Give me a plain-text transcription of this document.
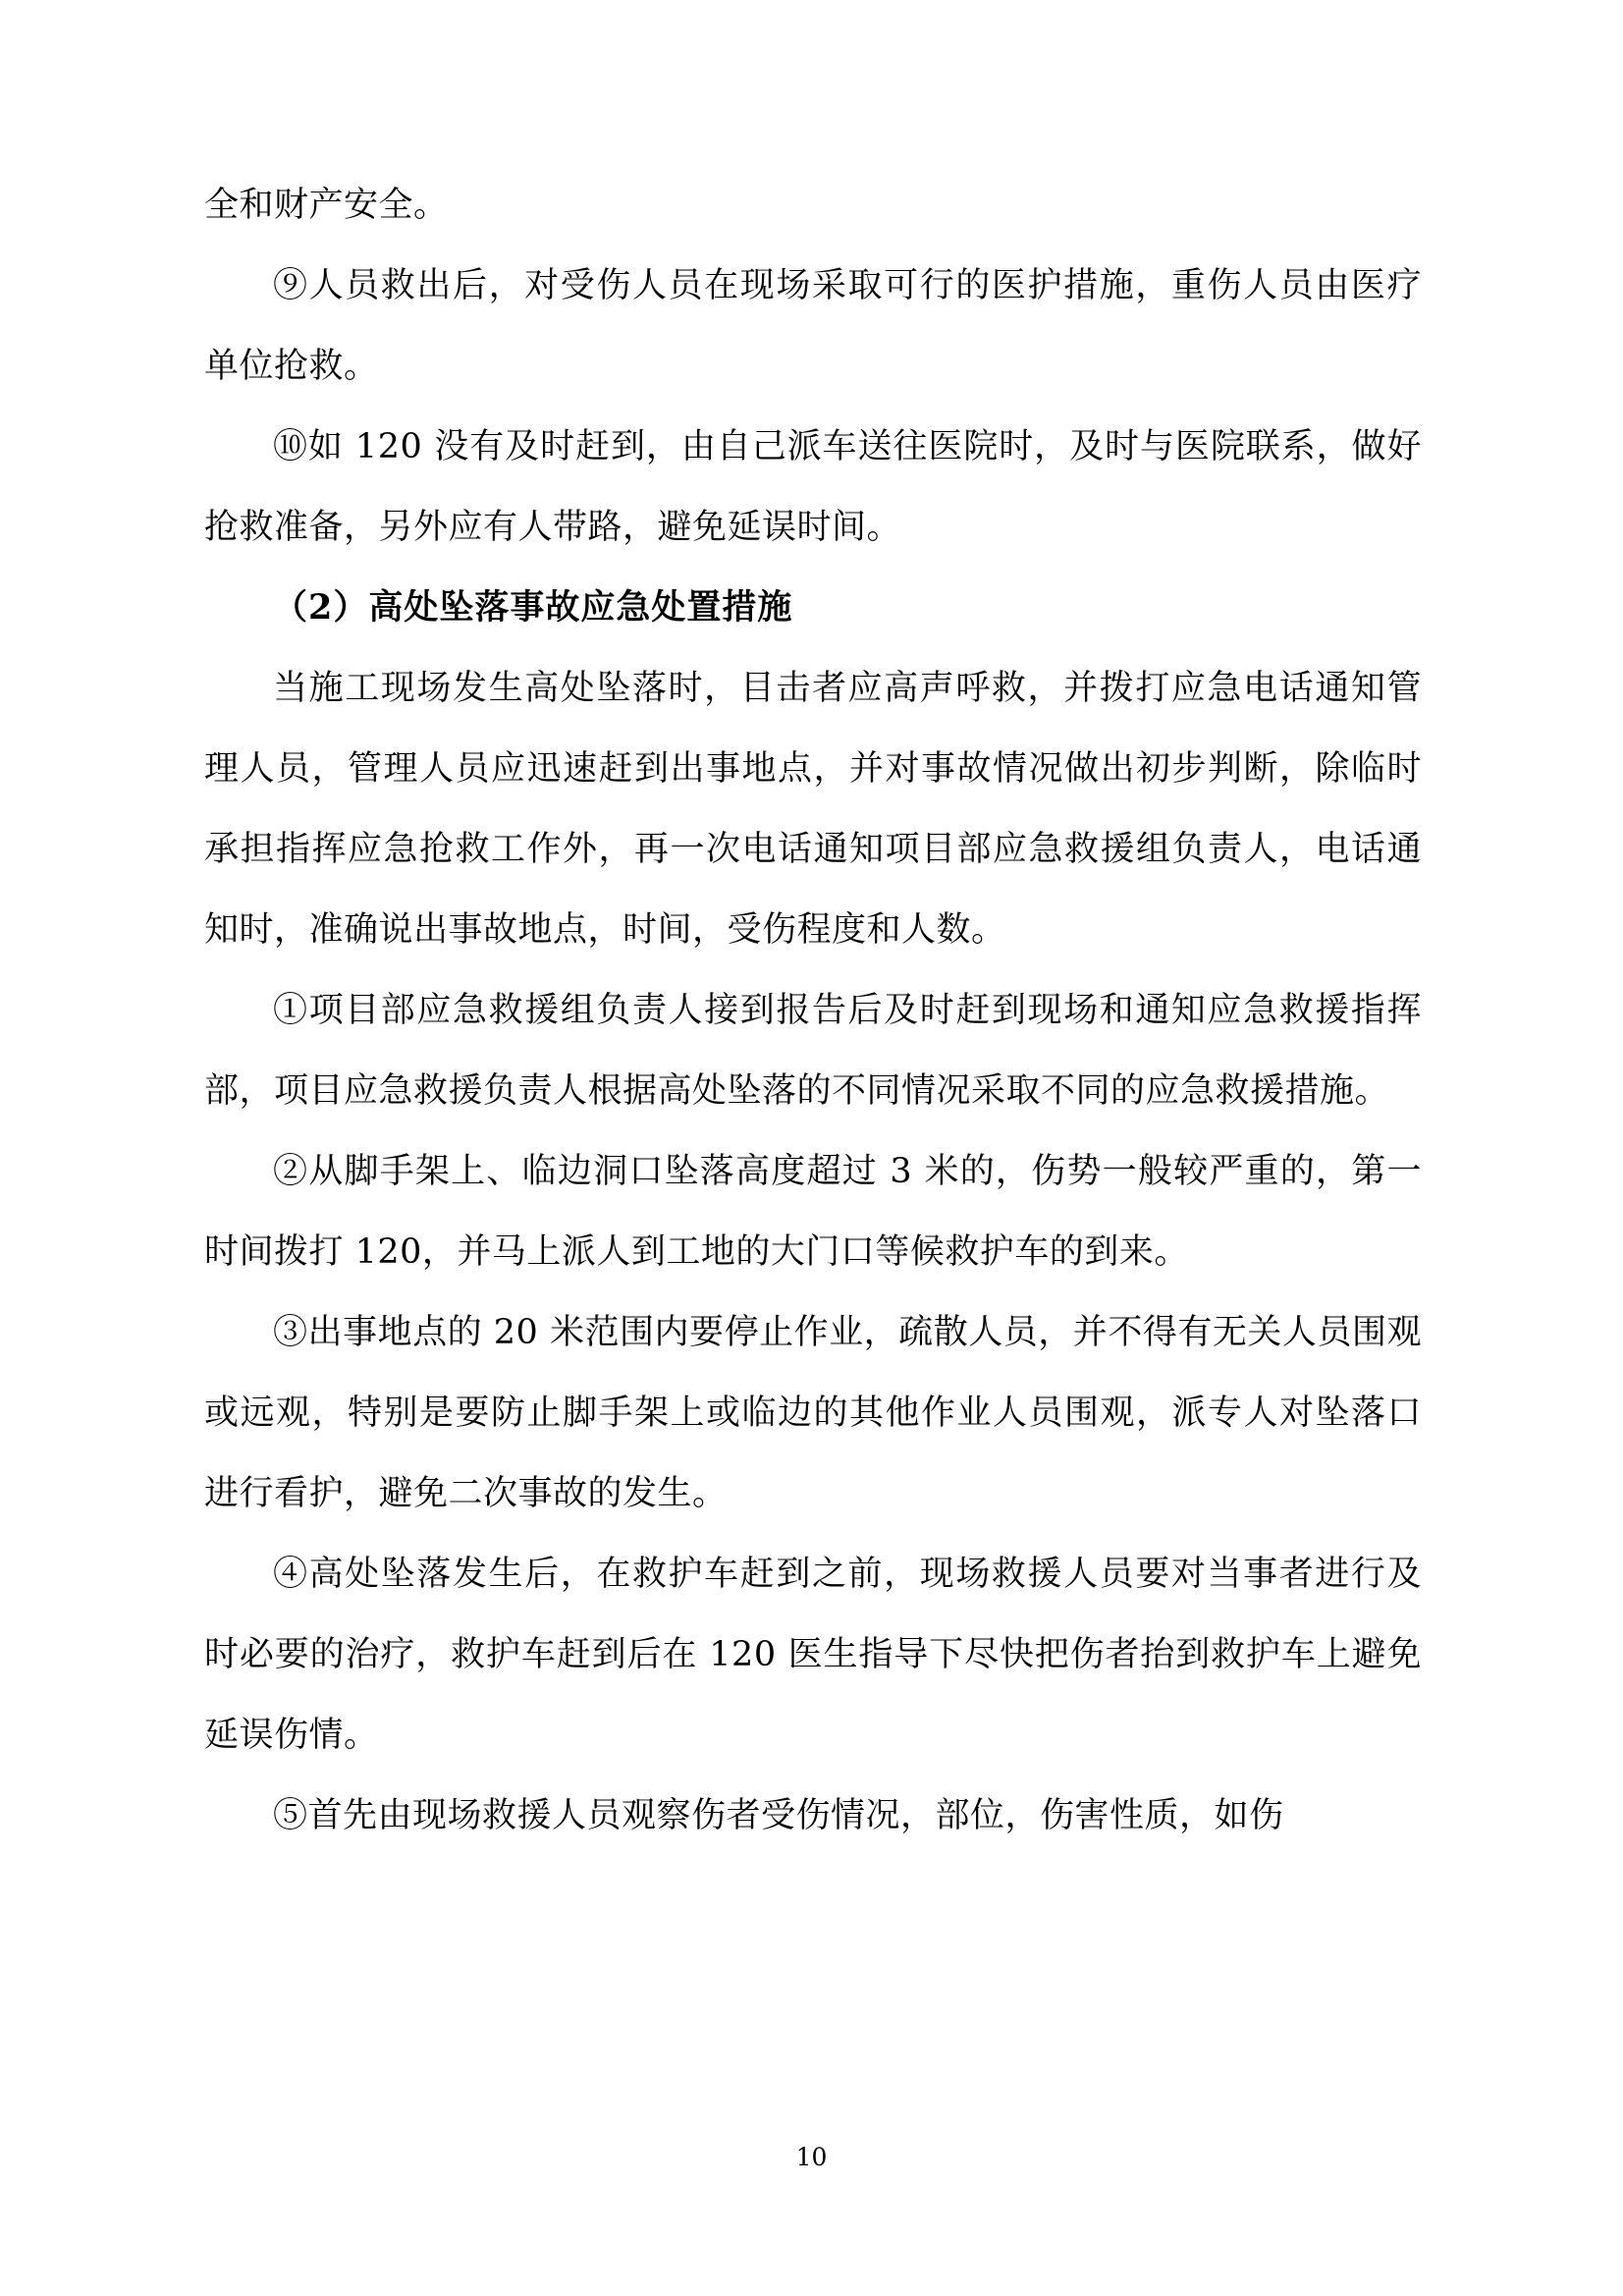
全和财产安全。

⑨人员救出后，对受伤人员在现场采取可行的医护措施，重伤人员由医疗单位抢救。

⑩如 120 没有及时赶到，由自己派车送往医院时，及时与医院联系，做好抢救准备，另外应有人带路，避免延误时间。

（2）高处坠落事故应急处置措施

当施工现场发生高处坠落时，目击者应高声呼救，并拨打应急电话通知管理人员，管理人员应迅速赶到出事地点，并对事故情况做出初步判断，除临时承担指挥应急抢救工作外，再一次电话通知项目部应急救援组负责人，电话通知时，准确说出事故地点，时间，受伤程度和人数。

①项目部应急救援组负责人接到报告后及时赶到现场和通知应急救援指挥部，项目应急救援负责人根据高处坠落的不同情况采取不同的应急救援措施。

②从脚手架上、临边洞口坠落高度超过 3 米的，伤势一般较严重的，第一时间拨打 120，并马上派人到工地的大门口等候救护车的到来。

③出事地点的 20 米范围内要停止作业，疏散人员，并不得有无关人员围观或远观，特别是要防止脚手架上或临边的其他作业人员围观，派专人对坠落口进行看护，避免二次事故的发生。

④高处坠落发生后，在救护车赶到之前，现场救援人员要对当事者进行及时必要的治疗，救护车赶到后在 120 医生指导下尽快把伤者抬到救护车上避免延误伤情。

⑤首先由现场救援人员观察伤者受伤情况，部位，伤害性质，如伤

10
